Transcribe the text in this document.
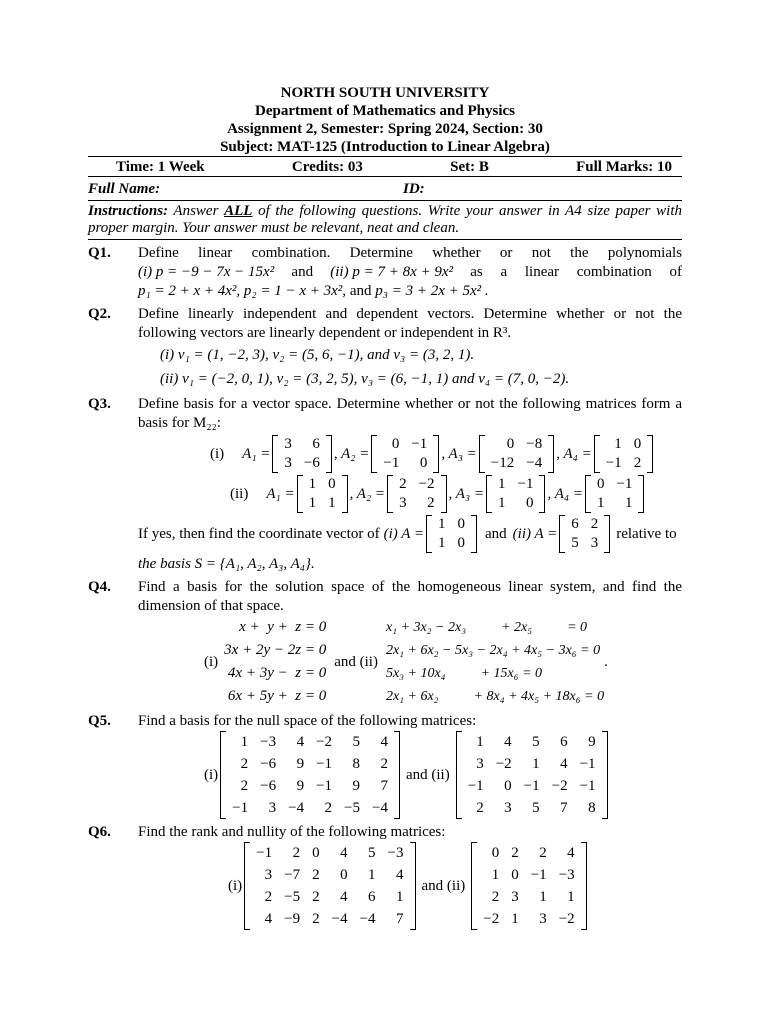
NORTH SOUTH UNIVERSITY
Department of Mathematics and Physics
Assignment 2, Semester: Spring 2024, Section: 30
Subject: MAT-125 (Introduction to Linear Algebra)
Time: 1 Week	Credits: 03	Set: B	Full Marks: 10
Full Name:	ID:
Instructions: Answer ALL of the following questions. Write your answer in A4 size paper with proper margin. Your answer must be relevant, neat and clean.
Q1.	Define linear combination. Determine whether or not the polynomials
(i) p = −9 − 7x − 15x² and (ii) p = 7 + 8x + 9x² as a linear combination of
p₁ = 2 + x + 4x², p₂ = 1 − x + 3x², and p₃ = 3 + 2x + 5x² .
Q2.	Define linearly independent and dependent vectors. Determine whether or not the following vectors are linearly dependent or independent in R³.
(i) v₁ = (1, −2, 3), v₂ = (5, 6, −1), and v₃ = (3, 2, 1).
(ii) v₁ = (−2, 0, 1), v₂ = (3, 2, 5), v₃ = (6, −1, 1) and v₄ = (7, 0, −2).
Q3.	Define basis for a vector space. Determine whether or not the following matrices form a basis for M₂₂:
(i) A₁ =
3	6
3	−6
, A₂ =
0	−1
−1	0
, A₃ =
0	−8
−12	−4
, A₄ =
1	0
−1	2
(ii) A₁ =
1	0
1	1
, A₂ =
2	−2
3	2
, A₃ =
1	−1
1	0
, A₄ =
0	−1
1	1
If yes, then find the coordinate vector of (i) A =
1	0
1	0
and (ii) A =
6	2
5	3
relative to
the basis S = {A₁, A₂, A₃, A₄}.
Q4.	Find a basis for the solution space of the homogeneous linear system, and find the dimension of that space.
(i)
x +  y +  z = 0
3x + 2y − 2z = 0
4x + 3y −  z = 0
6x + 5y +  z = 0
and (ii)
x₁ + 3x₂ − 2x₃          + 2x₅          = 0
2x₁ + 6x₂ − 5x₃ − 2x₄ + 4x₅ − 3x₆ = 0
5x₃ + 10x₄          + 15x₆ = 0
2x₁ + 6x₂          + 8x₄ + 4x₅ + 18x₆ = 0
.
Q5.	Find a basis for the null space of the following matrices:
(i)
1	−3	4	−2	5	4
2	−6	9	−1	8	2
2	−6	9	−1	9	7
−1	3	−4	2	−5	−4
and (ii)
1	4	5	6	9
3	−2	1	4	−1
−1	0	−1	−2	−1
2	3	5	7	8
Q6.	Find the rank and nullity of the following matrices:
(i)
−1	2	0	4	5	−3
3	−7	2	0	1	4
2	−5	2	4	6	1
4	−9	2	−4	−4	7
and (ii)
0	2	2	4
1	0	−1	−3
2	3	1	1
−2	1	3	−2
